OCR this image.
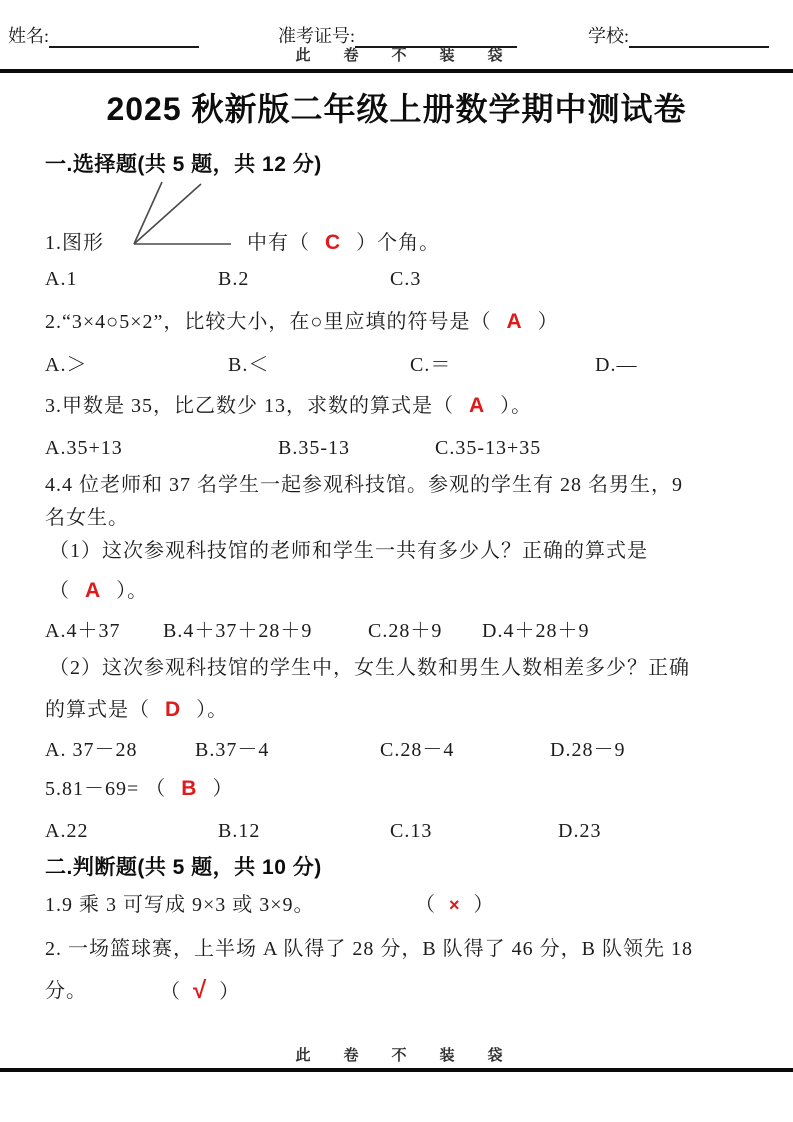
姓名:	准考证号:	学校:
此卷不装袋
2025 秋新版二年级上册数学期中测试卷
一.选择题(共 5 题，共 12 分)
1.图形	中有（ C ）个角。
A.1	B.2	C.3
2.“3×4○5×2”，比较大小，在○里应填的符号是（ A ）
A.＞	B.＜	C.＝	D.—
3.甲数是 35，比乙数少 13，求数的算式是（ A ）。
A.35+13	B.35-13	C.35-13+35
4.4 位老师和 37 名学生一起参观科技馆。参观的学生有 28 名男生，9
名女生。
（1）这次参观科技馆的老师和学生一共有多少人？正确的算式是
（ A ）。
A.4＋37 B.4＋37＋28＋9	C.28＋9 D.4＋28＋9
（2）这次参观科技馆的学生中，女生人数和男生人数相差多少？正确
的算式是（ D ）。
A. 37－28	B.37－4	C.28－4	D.28－9
5.81－69= （ B ）
A.22	B.12	C.13	D.23
二.判断题(共 5 题，共 10 分)
1.9 乘 3 可写成 9×3 或 3×9。	（ × ）
2. 一场篮球赛，上半场 A 队得了 28 分，B 队得了 46 分，B 队领先 18
分。	（ √ ）
此卷不装袋
